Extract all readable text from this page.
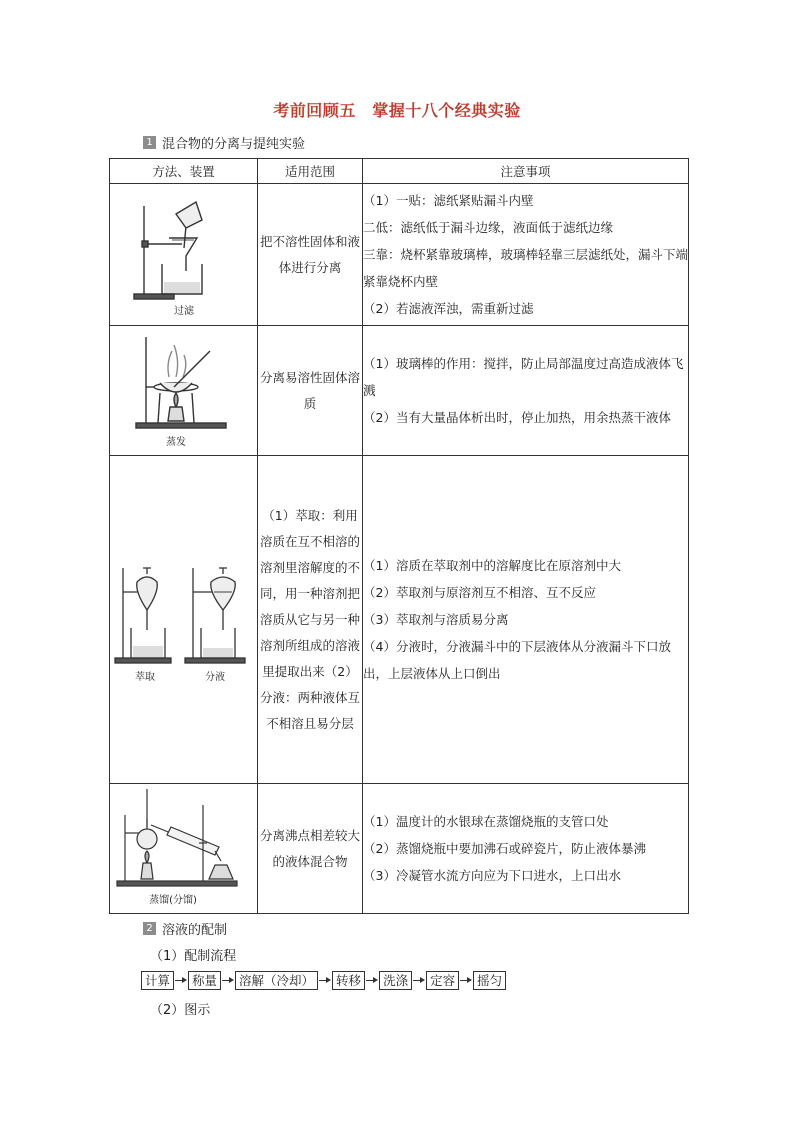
考前回顾五　掌握十八个经典实验
1 混合物的分离与提纯实验
方法、装置	适用范围	注意事项

过滤	把不溶性固体和液体进行分离	（1）一贴：滤纸紧贴漏斗内壁
二低：滤纸低于漏斗边缘，液面低于滤纸边缘
三靠：烧杯紧靠玻璃棒，玻璃棒轻靠三层滤纸处，漏斗下端紧靠烧杯内壁
（2）若滤液浑浊，需重新过滤

蒸发	分离易溶性固体溶质	（1）玻璃棒的作用：搅拌，防止局部温度过高造成液体飞溅
（2）当有大量晶体析出时，停止加热，用余热蒸干液体

萃取 分液	（1）萃取：利用溶质在互不相溶的溶剂里溶解度的不同，用一种溶剂把溶质从它与另一种溶剂所组成的溶液里提取出来（2）分液：两种液体互不相溶且易分层	（1）溶质在萃取剂中的溶解度比在原溶剂中大
（2）萃取剂与原溶剂互不相溶、互不反应
（3）萃取剂与溶质易分离
（4）分液时，分液漏斗中的下层液体从分液漏斗下口放出，上层液体从上口倒出

蒸馏(分馏)	分离沸点相差较大的液体混合物	（1）温度计的水银球在蒸馏烧瓶的支管口处
（2）蒸馏烧瓶中要加沸石或碎瓷片，防止液体暴沸
（3）冷凝管水流方向应为下口进水，上口出水
2 溶液的配制
（1）配制流程
计算	称量	溶解（冷却）	转移	洗涤	定容	摇匀
（2）图示
